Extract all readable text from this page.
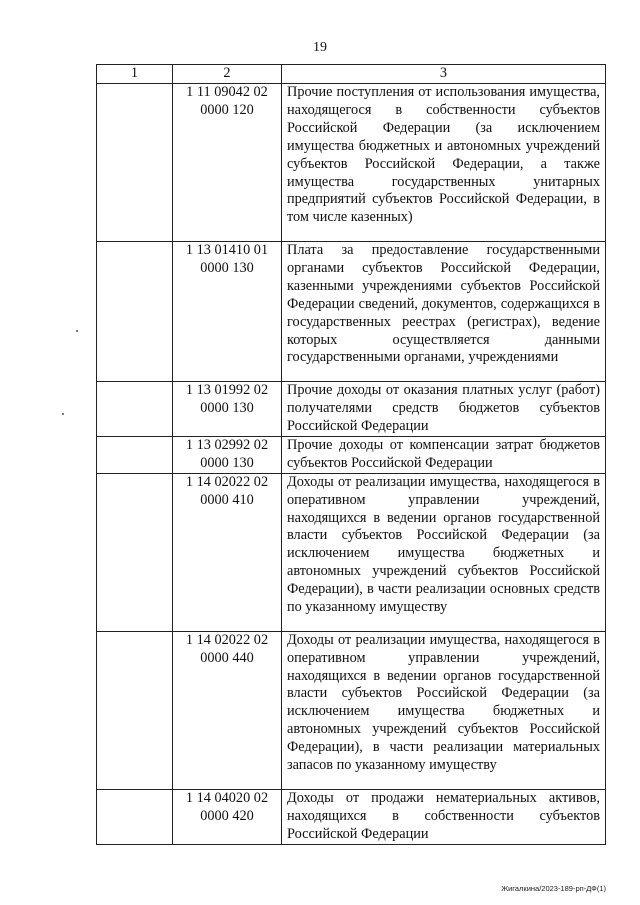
19
1	2	3

	1 11 09042 02
0000 120	Прочие поступления от использования имущества, находящегося в собственности субъектов Российской Федерации (за исключением имущества бюджетных и автономных учреждений субъектов Российской Федерации, а также имущества государственных унитарных предприятий субъектов Российской Федерации, в том числе казенных)

	1 13 01410 01
0000 130	Плата за предоставление государственными органами субъектов Российской Федерации, казенными учреждениями субъектов Российской Федерации сведений, документов, содержащихся в государственных реестрах (регистрах), ведение которых осуществляется данными государственными органами, учреждениями

	1 13 01992 02
0000 130	Прочие доходы от оказания платных услуг (работ) получателями средств бюджетов субъектов Российской Федерации

	1 13 02992 02
0000 130	Прочие доходы от компенсации затрат бюджетов субъектов Российской Федерации

	1 14 02022 02
0000 410	Доходы от реализации имущества, находящегося в оперативном управлении учреждений, находящихся в ведении органов государственной власти субъектов Российской Федерации (за исключением имущества бюджетных и автономных учреждений субъектов Российской Федерации), в части реализации основных средств по указанному имуществу

	1 14 02022 02
0000 440	Доходы от реализации имущества, находящегося в оперативном управлении учреждений, находящихся в ведении органов государственной власти субъектов Российской Федерации (за исключением имущества бюджетных и автономных учреждений субъектов Российской Федерации), в части реализации материальных запасов по указанному имуществу

	1 14 04020 02
0000 420	Доходы от продажи нематериальных активов, находящихся в собственности субъектов Российской Федерации
Жигалкина/2023-189-рп-ДФ(1)
